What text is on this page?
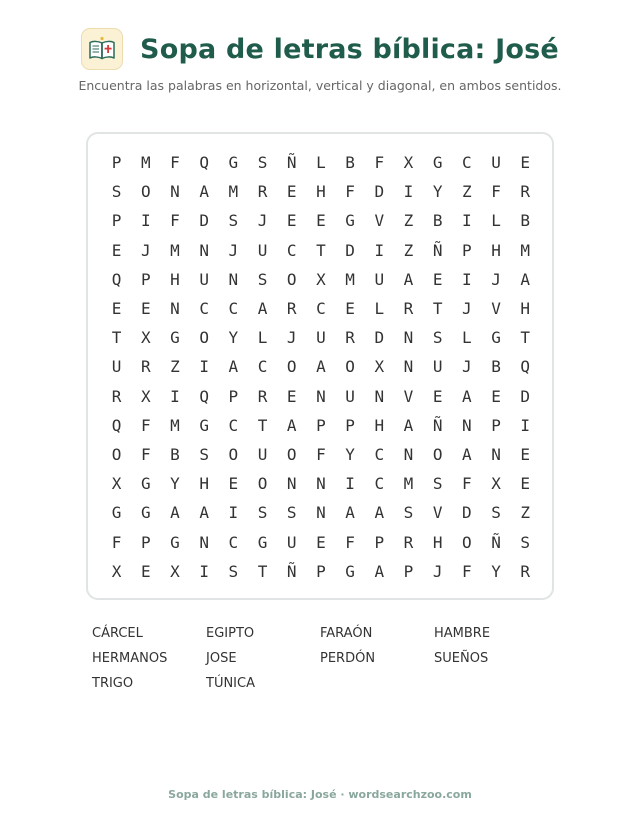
Sopa de letras bíblica: José
Encuentra las palabras en horizontal, vertical y diagonal, en ambos sentidos.
P	M	F	Q	G	S	Ñ	L	B	F	X	G	C	U	E
S	O	N	A	M	R	E	H	F	D	I	Y	Z	F	R
P	I	F	D	S	J	E	E	G	V	Z	B	I	L	B
E	J	M	N	J	U	C	T	D	I	Z	Ñ	P	H	M
Q	P	H	U	N	S	O	X	M	U	A	E	I	J	A
E	E	N	C	C	A	R	C	E	L	R	T	J	V	H
T	X	G	O	Y	L	J	U	R	D	N	S	L	G	T
U	R	Z	I	A	C	O	A	O	X	N	U	J	B	Q
R	X	I	Q	P	R	E	N	U	N	V	E	A	E	D
Q	F	M	G	C	T	A	P	P	H	A	Ñ	N	P	I
O	F	B	S	O	U	O	F	Y	C	N	O	A	N	E
X	G	Y	H	E	O	N	N	I	C	M	S	F	X	E
G	G	A	A	I	S	S	N	A	A	S	V	D	S	Z
F	P	G	N	C	G	U	E	F	P	R	H	O	Ñ	S
X	E	X	I	S	T	Ñ	P	G	A	P	J	F	Y	R
CÁRCEL	EGIPTO	FARAÓN	HAMBRE
HERMANOS	JOSE	PERDÓN	SUEÑOS
TRIGO	TÚNICA
Sopa de letras bíblica: José · wordsearchzoo.com
